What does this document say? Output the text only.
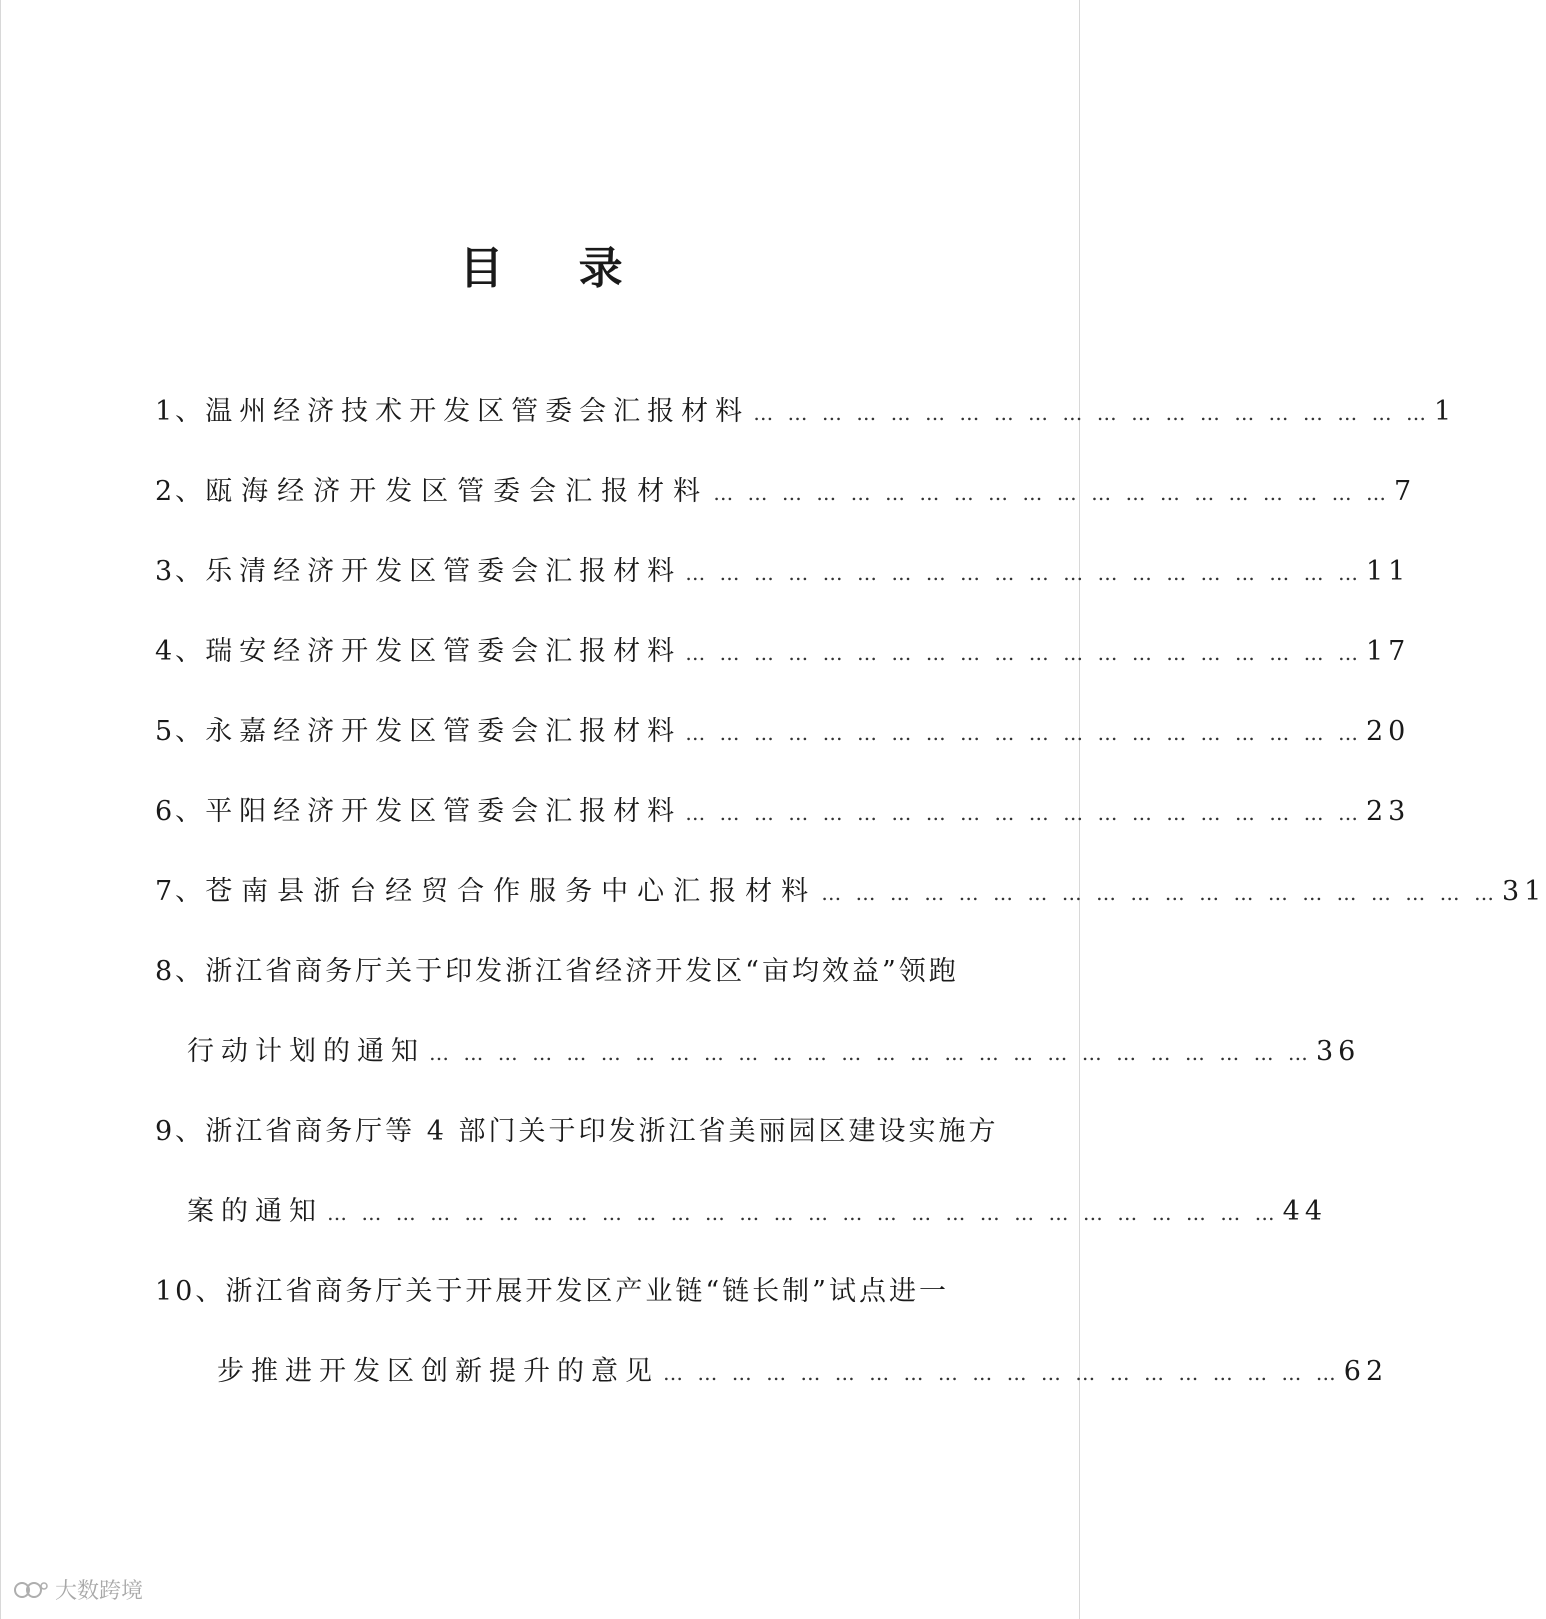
目 录
1、 温州经济技术开发区管委会汇报材料 … … … … … … … … … … … … … … … … … … … … 1
2、 瓯海经济开发区管委会汇报材料 … … … … … … … … … … … … … … … … … … … … 7
3、 乐清经济开发区管委会汇报材料 … … … … … … … … … … … … … … … … … … … … 11
4、 瑞安经济开发区管委会汇报材料 … … … … … … … … … … … … … … … … … … … … 17
5、 永嘉经济开发区管委会汇报材料 … … … … … … … … … … … … … … … … … … … … 20
6、 平阳经济开发区管委会汇报材料 … … … … … … … … … … … … … … … … … … … … 23
7、 苍南县浙台经贸合作服务中心汇报材料 … … … … … … … … … … … … … … … … … … … … 31
8、 浙江省商务厅关于印发浙江省经济开发区“亩均效益”领跑
行动计划的通知 … … … … … … … … … … … … … … … … … … … … … … … … … … 36
9、 浙江省商务厅等 4 部门关于印发浙江省美丽园区建设实施方
案的通知 … … … … … … … … … … … … … … … … … … … … … … … … … … … … 44
10、 浙江省商务厅关于开展开发区产业链“链长制”试点进一
步推进开发区创新提升的意见 … … … … … … … … … … … … … … … … … … … … 62
大数跨境
